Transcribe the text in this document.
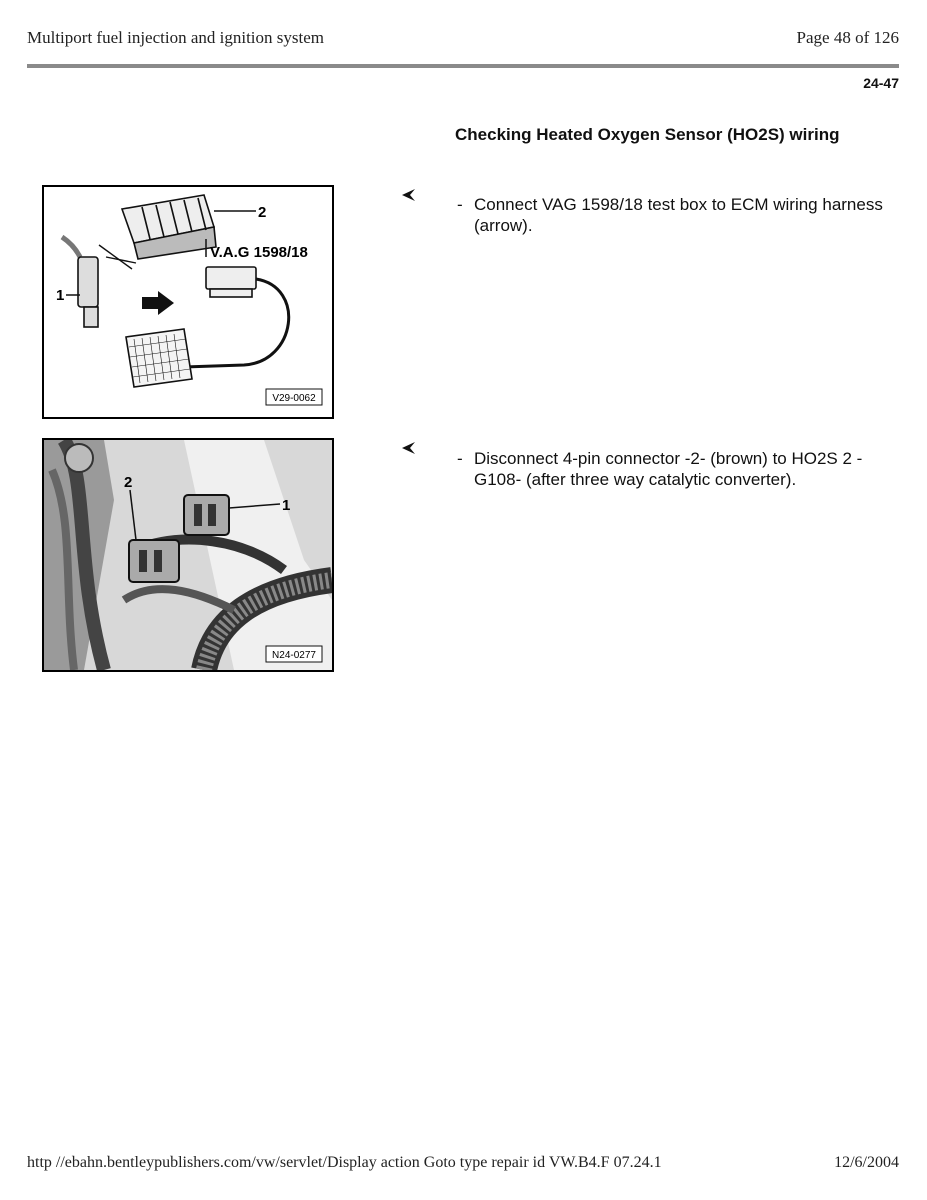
Multiport fuel injection and ignition system	Page 48 of 126
24-47
Checking Heated Oxygen Sensor (HO2S) wiring
2
1
V.A.G 1598/18
V29-0062
- Connect VAG 1598/18 test box to ECM wiring harness (arrow).
1
2
N24-0277
- Disconnect 4-pin connector -2- (brown) to HO2S 2 -G108- (after three way catalytic converter).
http //ebahn.bentleypublishers.com/vw/servlet/Display action Goto type repair id VW.B4.F 07.24.1	12/6/2004
